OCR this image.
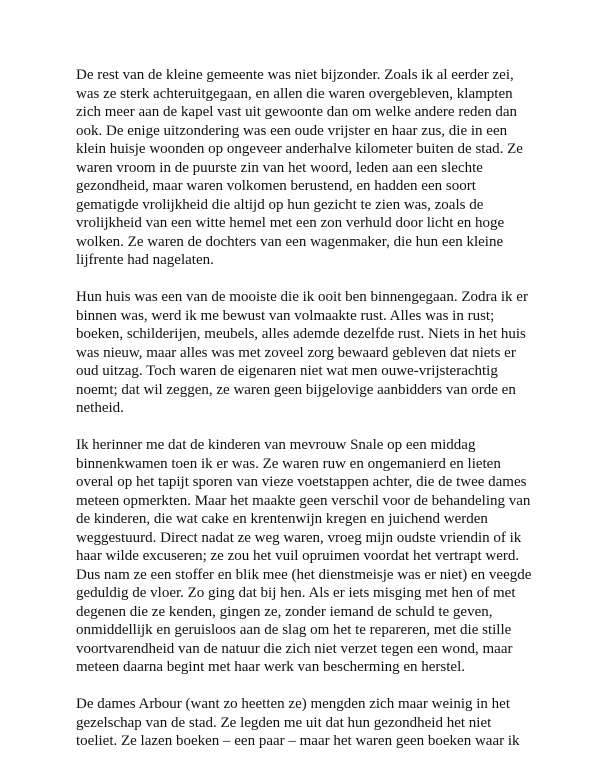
De rest van de kleine gemeente was niet bijzonder. Zoals ik al eerder zei,
was ze sterk achteruitgegaan, en allen die waren overgebleven, klampten
zich meer aan de kapel vast uit gewoonte dan om welke andere reden dan
ook. De enige uitzondering was een oude vrijster en haar zus, die in een
klein huisje woonden op ongeveer anderhalve kilometer buiten de stad. Ze
waren vroom in de puurste zin van het woord, leden aan een slechte
gezondheid, maar waren volkomen berustend, en hadden een soort
gematigde vrolijkheid die altijd op hun gezicht te zien was, zoals de
vrolijkheid van een witte hemel met een zon verhuld door licht en hoge
wolken. Ze waren de dochters van een wagenmaker, die hun een kleine
lijfrente had nagelaten.

Hun huis was een van de mooiste die ik ooit ben binnengegaan. Zodra ik er
binnen was, werd ik me bewust van volmaakte rust. Alles was in rust;
boeken, schilderijen, meubels, alles ademde dezelfde rust. Niets in het huis
was nieuw, maar alles was met zoveel zorg bewaard gebleven dat niets er
oud uitzag. Toch waren de eigenaren niet wat men ouwe-vrijsterachtig
noemt; dat wil zeggen, ze waren geen bijgelovige aanbidders van orde en
netheid.

Ik herinner me dat de kinderen van mevrouw Snale op een middag
binnenkwamen toen ik er was. Ze waren ruw en ongemanierd en lieten
overal op het tapijt sporen van vieze voetstappen achter, die de twee dames
meteen opmerkten. Maar het maakte geen verschil voor de behandeling van
de kinderen, die wat cake en krentenwijn kregen en juichend werden
weggestuurd. Direct nadat ze weg waren, vroeg mijn oudste vriendin of ik
haar wilde excuseren; ze zou het vuil opruimen voordat het vertrapt werd.
Dus nam ze een stoffer en blik mee (het dienstmeisje was er niet) en veegde
geduldig de vloer. Zo ging dat bij hen. Als er iets misging met hen of met
degenen die ze kenden, gingen ze, zonder iemand de schuld te geven,
onmiddellijk en geruisloos aan de slag om het te repareren, met die stille
voortvarendheid van de natuur die zich niet verzet tegen een wond, maar
meteen daarna begint met haar werk van bescherming en herstel.

De dames Arbour (want zo heetten ze) mengden zich maar weinig in het
gezelschap van de stad. Ze legden me uit dat hun gezondheid het niet
toeliet. Ze lazen boeken – een paar – maar het waren geen boeken waar ik
